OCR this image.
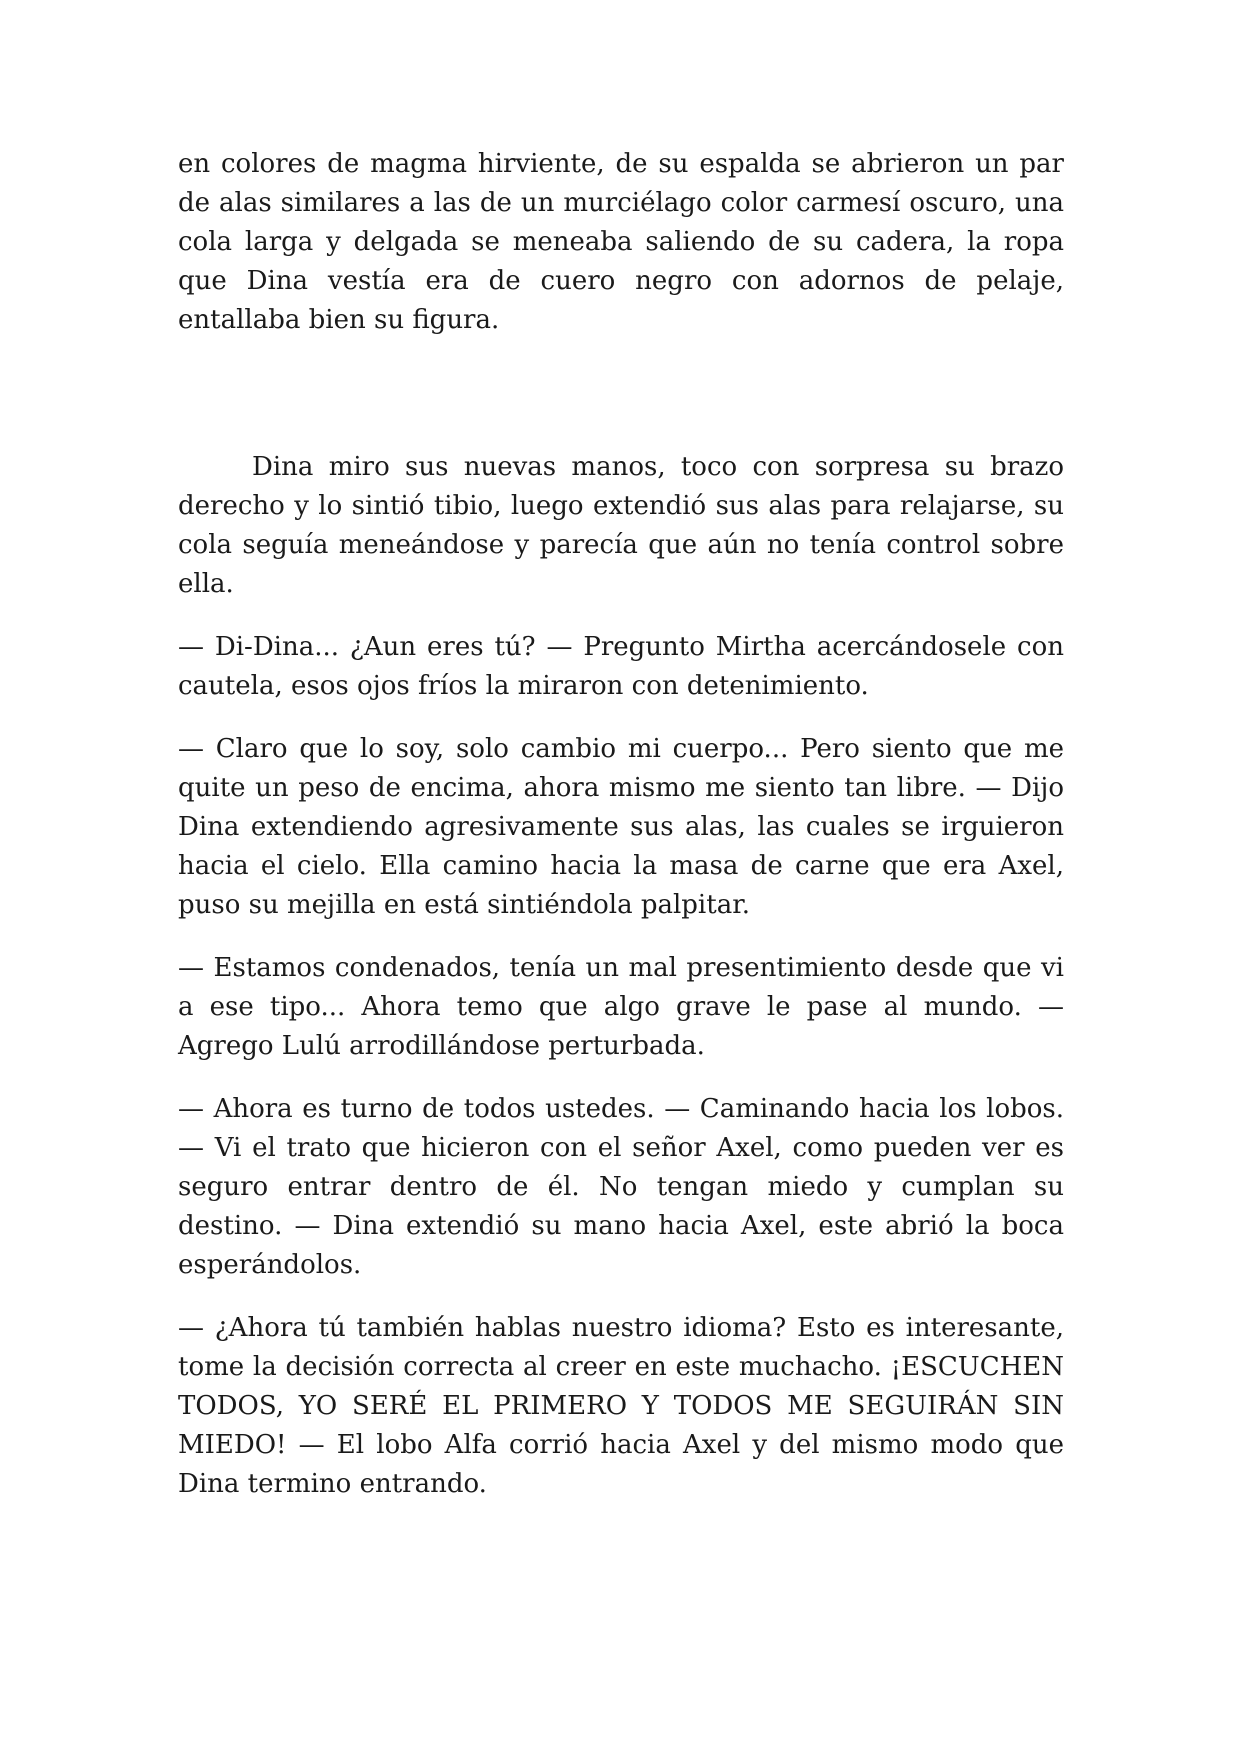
en colores de magma hirviente, de su espalda se abrieron un par de alas similares a las de un murciélago color carmesí oscuro, una cola larga y delgada se meneaba saliendo de su cadera, la ropa que Dina vestía era de cuero negro con adornos de pelaje, entallaba bien su figura.

Dina miro sus nuevas manos, toco con sorpresa su brazo derecho y lo sintió tibio, luego extendió sus alas para relajarse, su cola seguía meneándose y parecía que aún no tenía control sobre ella.

— Di-Dina... ¿Aun eres tú? — Pregunto Mirtha acercándosele con cautela, esos ojos fríos la miraron con detenimiento.

— Claro que lo soy, solo cambio mi cuerpo... Pero siento que me quite un peso de encima, ahora mismo me siento tan libre. — Dijo Dina extendiendo agresivamente sus alas, las cuales se irguieron hacia el cielo. Ella camino hacia la masa de carne que era Axel, puso su mejilla en está sintiéndola palpitar.

— Estamos condenados, tenía un mal presentimiento desde que vi a ese tipo... Ahora temo que algo grave le pase al mundo. — Agrego Lulú arrodillándose perturbada.

— Ahora es turno de todos ustedes. — Caminando hacia los lobos. — Vi el trato que hicieron con el señor Axel, como pueden ver es seguro entrar dentro de él. No tengan miedo y cumplan su destino. — Dina extendió su mano hacia Axel, este abrió la boca esperándolos.

— ¿Ahora tú también hablas nuestro idioma? Esto es interesante, tome la decisión correcta al creer en este muchacho. ¡ESCUCHEN TODOS, YO SERÉ EL PRIMERO Y TODOS ME SEGUIRÁN SIN MIEDO! — El lobo Alfa corrió hacia Axel y del mismo modo que Dina termino entrando.
